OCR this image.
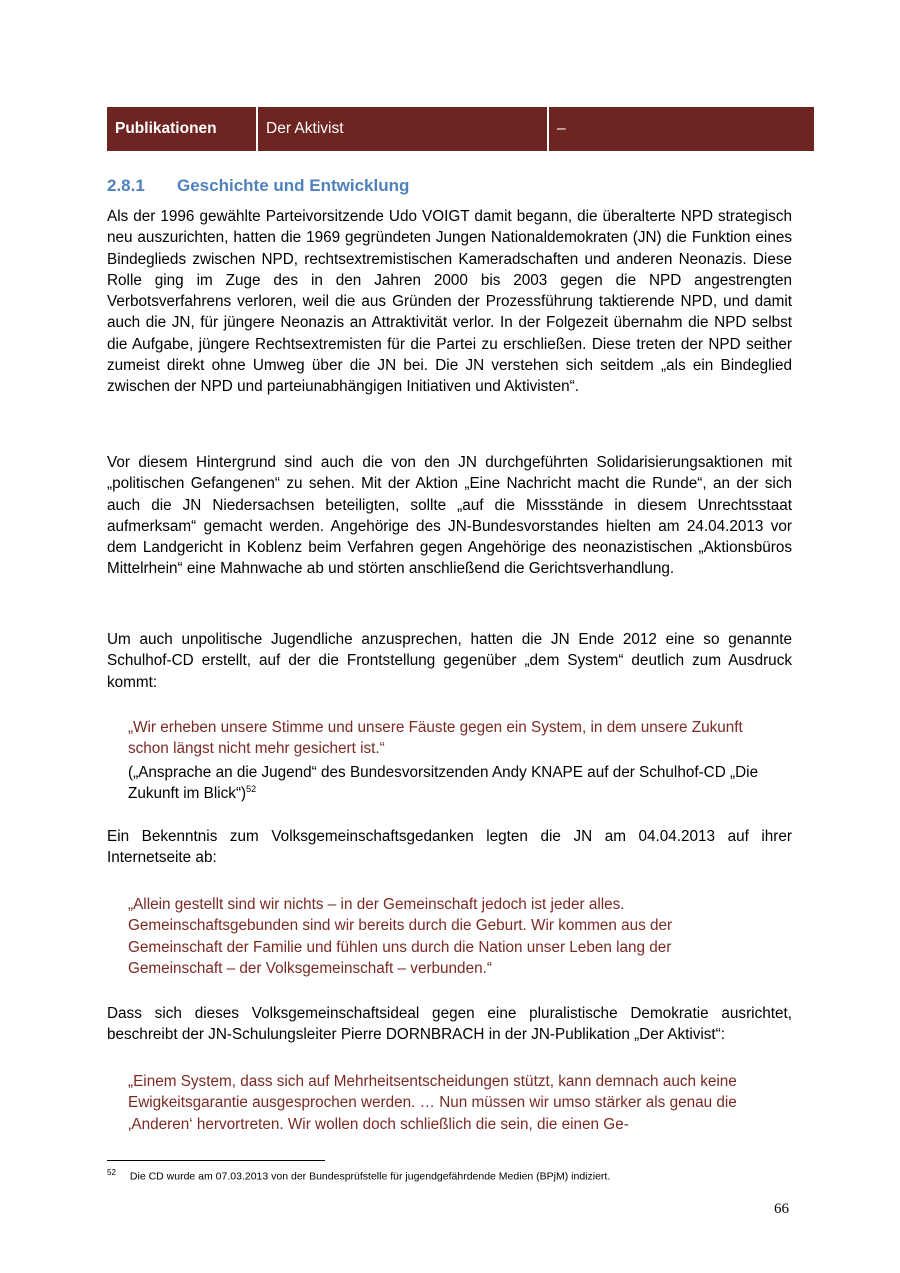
Publikationen	Der Aktivist	–
2.8.1 Geschichte und Entwicklung
Als der 1996 gewählte Parteivorsitzende Udo VOIGT damit begann, die überalterte NPD strategisch neu auszurichten, hatten die 1969 gegründeten Jungen Nationaldemokraten (JN) die Funktion eines Bindeglieds zwischen NPD, rechtsextremistischen Kameradschaften und anderen Neonazis. Diese Rolle ging im Zuge des in den Jahren 2000 bis 2003 gegen die NPD angestrengten Verbotsverfahrens verloren, weil die aus Gründen der Prozessführung taktierende NPD, und damit auch die JN, für jüngere Neonazis an Attraktivität verlor. In der Folgezeit übernahm die NPD selbst die Aufgabe, jüngere Rechtsextremisten für die Partei zu erschließen. Diese treten der NPD seither zumeist direkt ohne Umweg über die JN bei. Die JN verstehen sich seitdem „als ein Bindeglied zwischen der NPD und parteiunabhängigen Initiativen und Aktivisten“.
Vor diesem Hintergrund sind auch die von den JN durchgeführten Solidarisierungsaktionen mit „politischen Gefangenen“ zu sehen. Mit der Aktion „Eine Nachricht macht die Runde“, an der sich auch die JN Niedersachsen beteiligten, sollte „auf die Missstände in diesem Unrechtsstaat aufmerksam“ gemacht werden. Angehörige des JN-Bundesvorstandes hielten am 24.04.2013 vor dem Landgericht in Koblenz beim Verfahren gegen Angehörige des neonazistischen „Aktionsbüros Mittelrhein“ eine Mahnwache ab und störten anschließend die Gerichtsverhandlung.
Um auch unpolitische Jugendliche anzusprechen, hatten die JN Ende 2012 eine so genannte Schulhof-CD erstellt, auf der die Frontstellung gegenüber „dem System“ deutlich zum Ausdruck kommt:
„Wir erheben unsere Stimme und unsere Fäuste gegen ein System, in dem unsere Zukunft schon längst nicht mehr gesichert ist.“
(„Ansprache an die Jugend“ des Bundesvorsitzenden Andy KNAPE auf der Schulhof-CD „Die Zukunft im Blick“)$^{52}$
Ein Bekenntnis zum Volksgemeinschaftsgedanken legten die JN am 04.04.2013 auf ihrer Internetseite ab:
„Allein gestellt sind wir nichts – in der Gemeinschaft jedoch ist jeder alles. Gemeinschaftsgebunden sind wir bereits durch die Geburt. Wir kommen aus der Gemeinschaft der Familie und fühlen uns durch die Nation unser Leben lang der Gemeinschaft – der Volksgemeinschaft – verbunden.“
Dass sich dieses Volksgemeinschaftsideal gegen eine pluralistische Demokratie ausrichtet, beschreibt der JN-Schulungsleiter Pierre DORNBRACH in der JN-Publikation „Der Aktivist“:
„Einem System, dass sich auf Mehrheitsentscheidungen stützt, kann demnach auch keine Ewigkeitsgarantie ausgesprochen werden. … Nun müssen wir umso stärker als genau die ‚Anderen‘ hervortreten. Wir wollen doch schließlich die sein, die einen Ge-
$^{52}$ Die CD wurde am 07.03.2013 von der Bundesprüfstelle für jugendgefährdende Medien (BPjM) indiziert.
66
